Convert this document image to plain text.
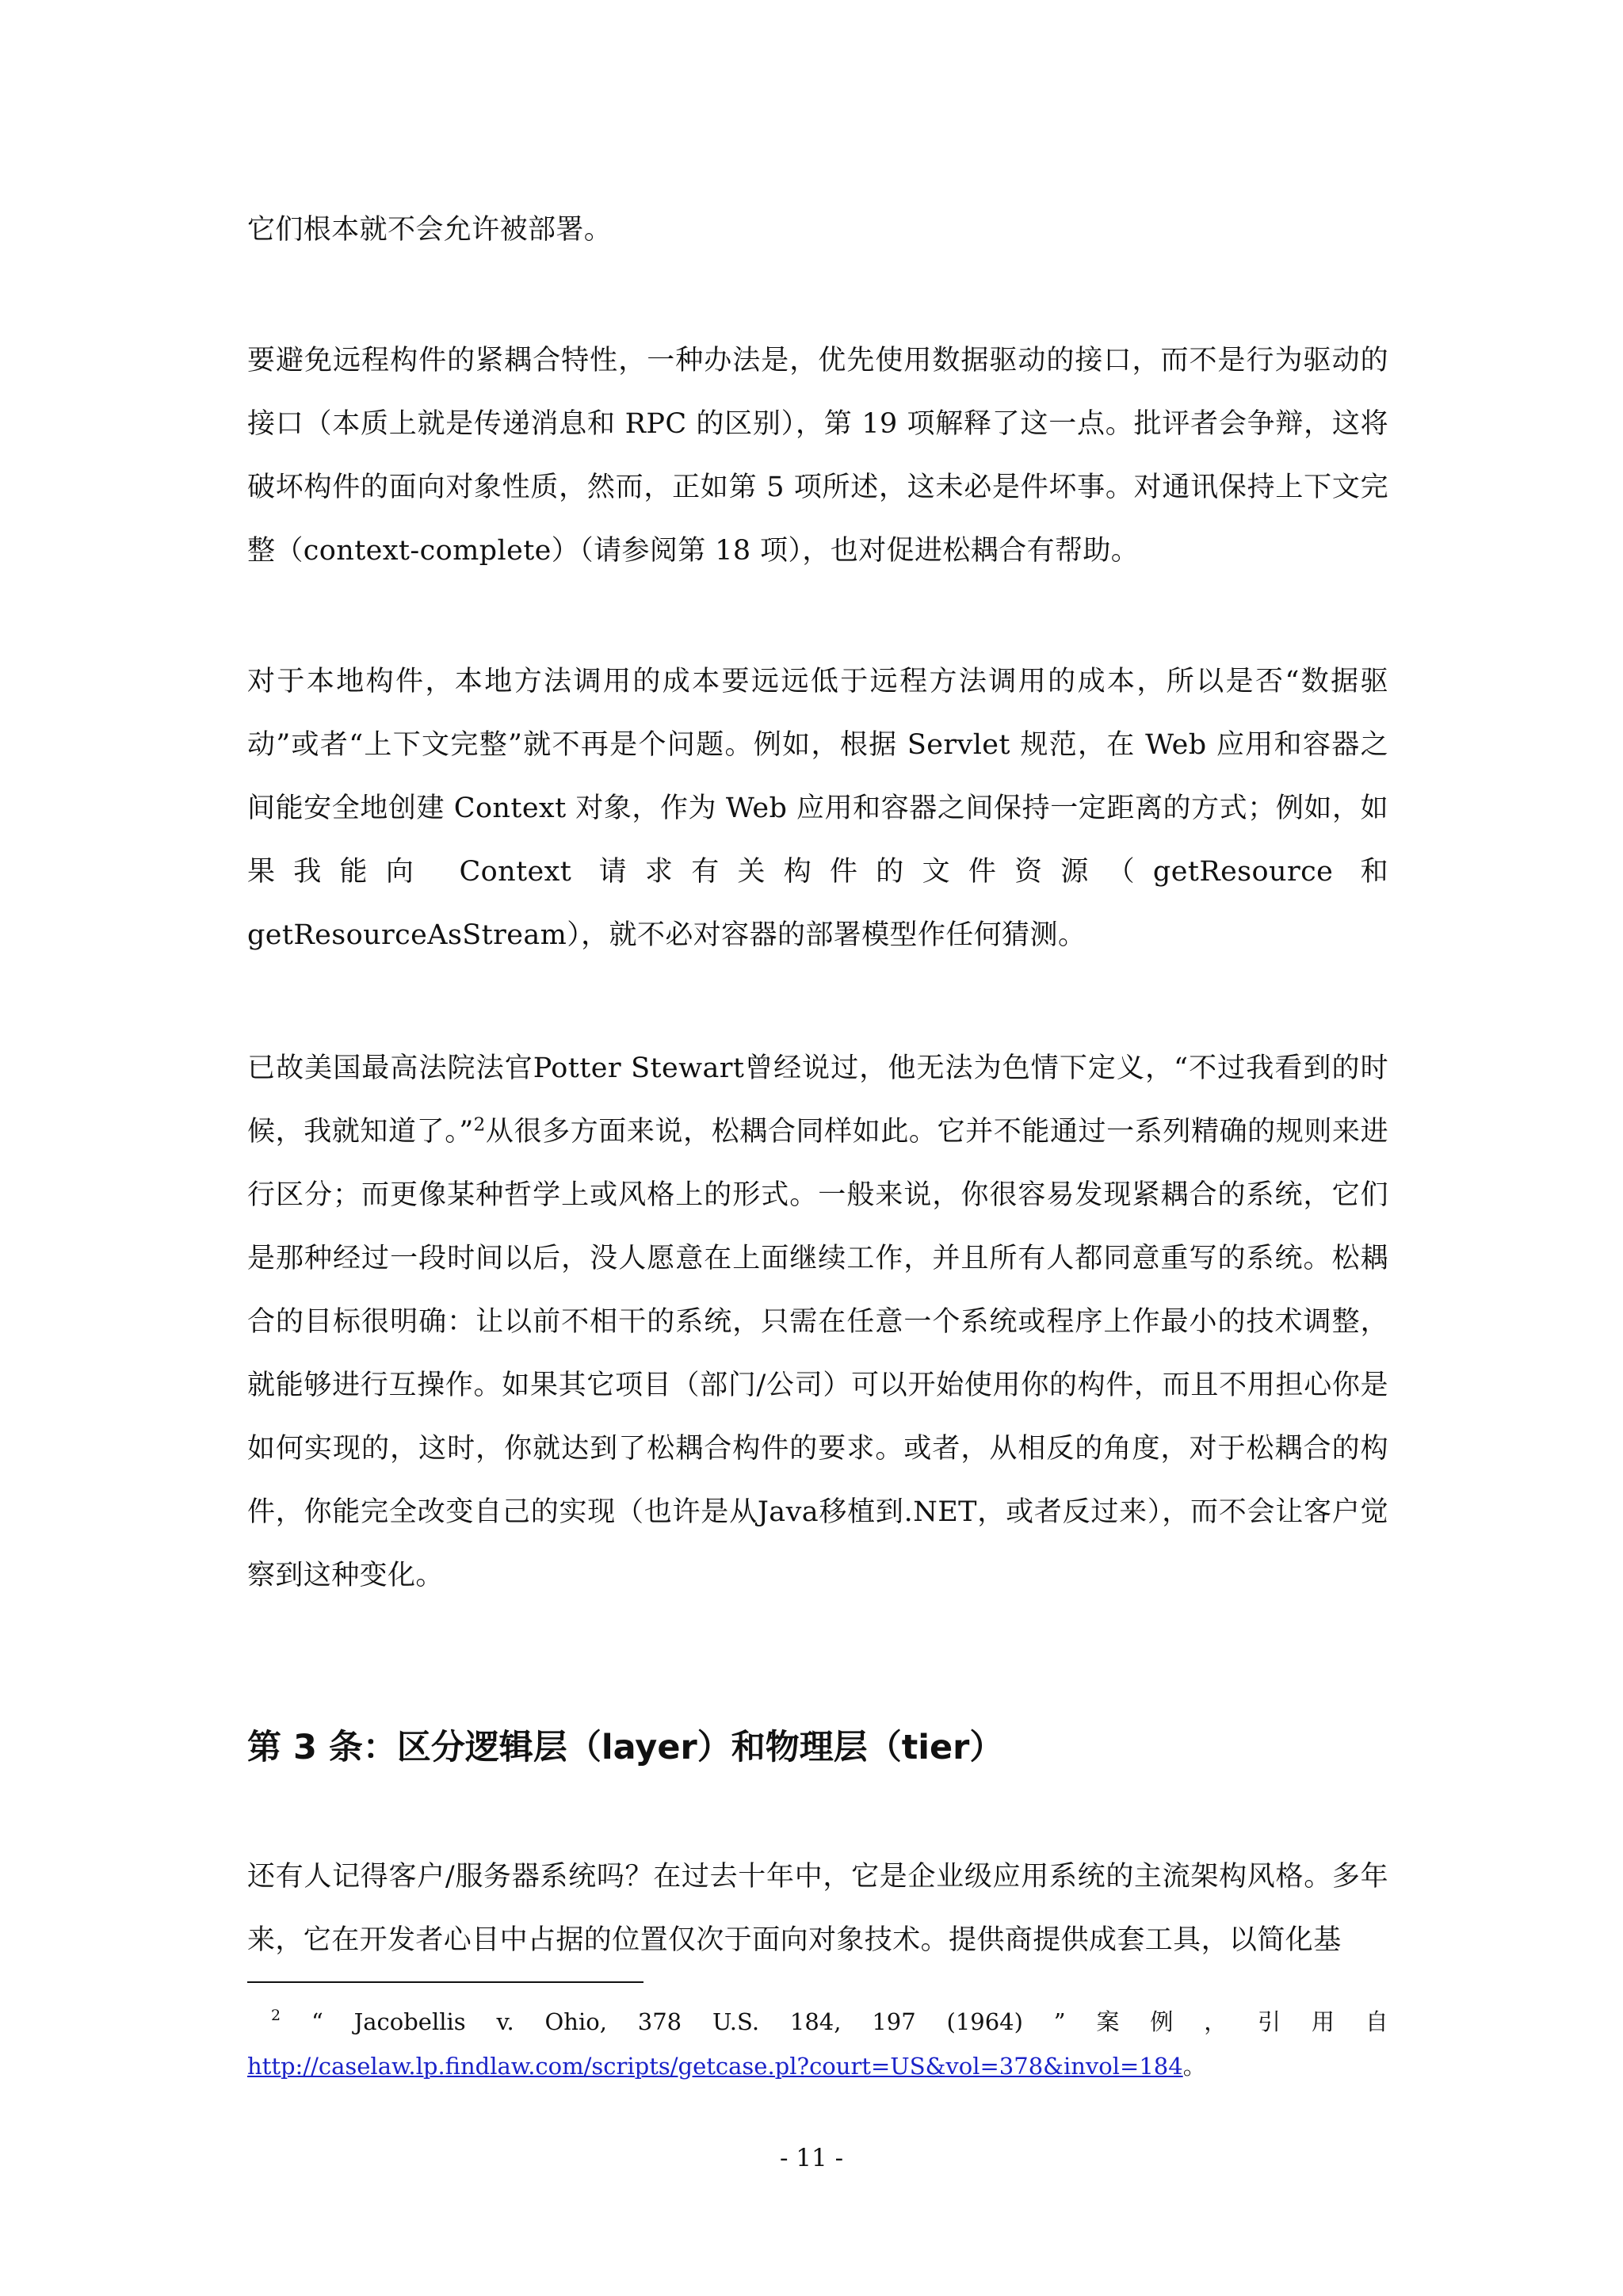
它们根本就不会允许被部署。

要避免远程构件的紧耦合特性，一种办法是，优先使用数据驱动的接口，而不是行为驱动的接口（本质上就是传递消息和 RPC 的区别），第 19 项解释了这一点。批评者会争辩，这将破坏构件的面向对象性质，然而，正如第 5 项所述，这未必是件坏事。对通讯保持上下文完整（context-complete）（请参阅第 18 项），也对促进松耦合有帮助。

对于本地构件，本地方法调用的成本要远远低于远程方法调用的成本，所以是否“数据驱动”或者“上下文完整”就不再是个问题。例如，根据 Servlet 规范，在 Web 应用和容器之间能安全地创建 Context 对象，作为 Web 应用和容器之间保持一定距离的方式；例如，如果我能向 Context 请求有关构件的文件资源（getResource 和 getResourceAsStream），就不必对容器的部署模型作任何猜测。

已故美国最高法院法官Potter Stewart曾经说过，他无法为色情下定义，“不过我看到的时候，我就知道了。”$^2$从很多方面来说，松耦合同样如此。它并不能通过一系列精确的规则来进行区分；而更像某种哲学上或风格上的形式。一般来说，你很容易发现紧耦合的系统，它们是那种经过一段时间以后，没人愿意在上面继续工作，并且所有人都同意重写的系统。松耦合的目标很明确：让以前不相干的系统，只需在任意一个系统或程序上作最小的技术调整，就能够进行互操作。如果其它项目（部门/公司）可以开始使用你的构件，而且不用担心你是如何实现的，这时，你就达到了松耦合构件的要求。或者，从相反的角度，对于松耦合的构件，你能完全改变自己的实现（也许是从Java移植到.NET，或者反过来），而不会让客户觉察到这种变化。

第 3 条：区分逻辑层（layer）和物理层（tier）

还有人记得客户/服务器系统吗？在过去十年中，它是企业级应用系统的主流架构风格。多年来，它在开发者心目中占据的位置仅次于面向对象技术。提供商提供成套工具，以简化基

2 “ Jacobellis v. Ohio, 378 U.S. 184, 197 (1964) ” 案 例 ， 引 用 自
http://caselaw.lp.findlaw.com/scripts/getcase.pl?court=US&vol=378&invol=184。

- 11 -
